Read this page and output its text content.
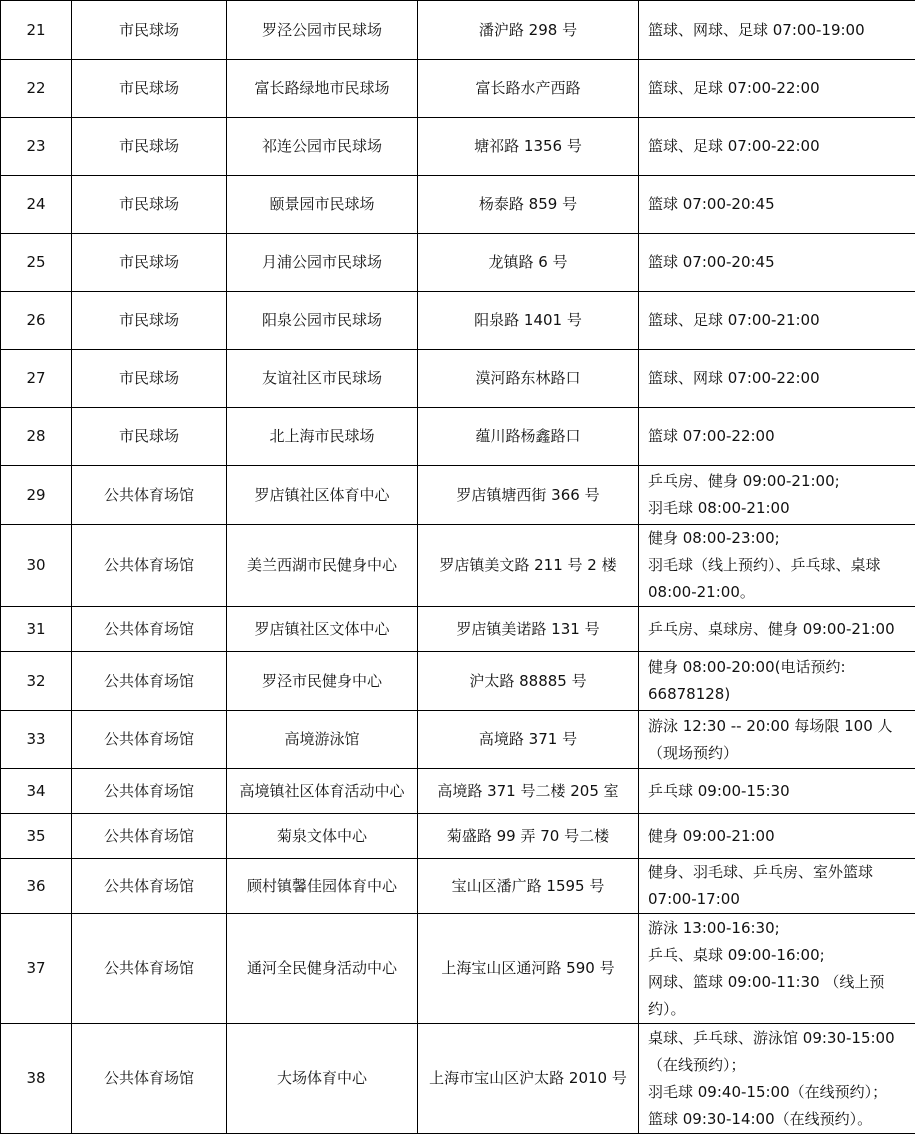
21	市民球场	罗泾公园市民球场	潘沪路 298 号	篮球、网球、足球 07:00-19:00

22	市民球场	富长路绿地市民球场	富长路水产西路	篮球、足球 07:00-22:00

23	市民球场	祁连公园市民球场	塘祁路 1356 号	篮球、足球 07:00-22:00

24	市民球场	颐景园市民球场	杨泰路 859 号	篮球 07:00-20:45

25	市民球场	月浦公园市民球场	龙镇路 6 号	篮球 07:00-20:45

26	市民球场	阳泉公园市民球场	阳泉路 1401 号	篮球、足球 07:00-21:00

27	市民球场	友谊社区市民球场	漠河路东林路口	篮球、网球 07:00-22:00

28	市民球场	北上海市民球场	蕴川路杨鑫路口	篮球 07:00-22:00

29	公共体育场馆	罗店镇社区体育中心	罗店镇塘西街 366 号	乒乓房、健身 09:00-21:00;
羽毛球 08:00-21:00

30	公共体育场馆	美兰西湖市民健身中心	罗店镇美文路 211 号 2 楼	健身 08:00-23:00;
羽毛球（线上预约）、乒乓球、桌球
08:00-21:00。

31	公共体育场馆	罗店镇社区文体中心	罗店镇美诺路 131 号	乒乓房、桌球房、健身 09:00-21:00

32	公共体育场馆	罗泾市民健身中心	沪太路 88885 号	健身 08:00-20:00(电话预约:
66878128)

33	公共体育场馆	高境游泳馆	高境路 371 号	游泳 12:30 -- 20:00 每场限 100 人
（现场预约）

34	公共体育场馆	高境镇社区体育活动中心	高境路 371 号二楼 205 室	乒乓球 09:00-15:30

35	公共体育场馆	菊泉文体中心	菊盛路 99 弄 70 号二楼	健身 09:00-21:00

36	公共体育场馆	顾村镇馨佳园体育中心	宝山区潘广路 1595 号	健身、羽毛球、乒乓房、室外篮球
07:00-17:00

37	公共体育场馆	通河全民健身活动中心	上海宝山区通河路 590 号	游泳 13:00-16:30;
乒乓、桌球 09:00-16:00;
网球、篮球 09:00-11:30 （线上预
约）。

38	公共体育场馆	大场体育中心	上海市宝山区沪太路 2010 号	桌球、乒乓球、游泳馆 09:30-15:00
（在线预约）；
羽毛球 09:40-15:00（在线预约）；
篮球 09:30-14:00（在线预约）。
